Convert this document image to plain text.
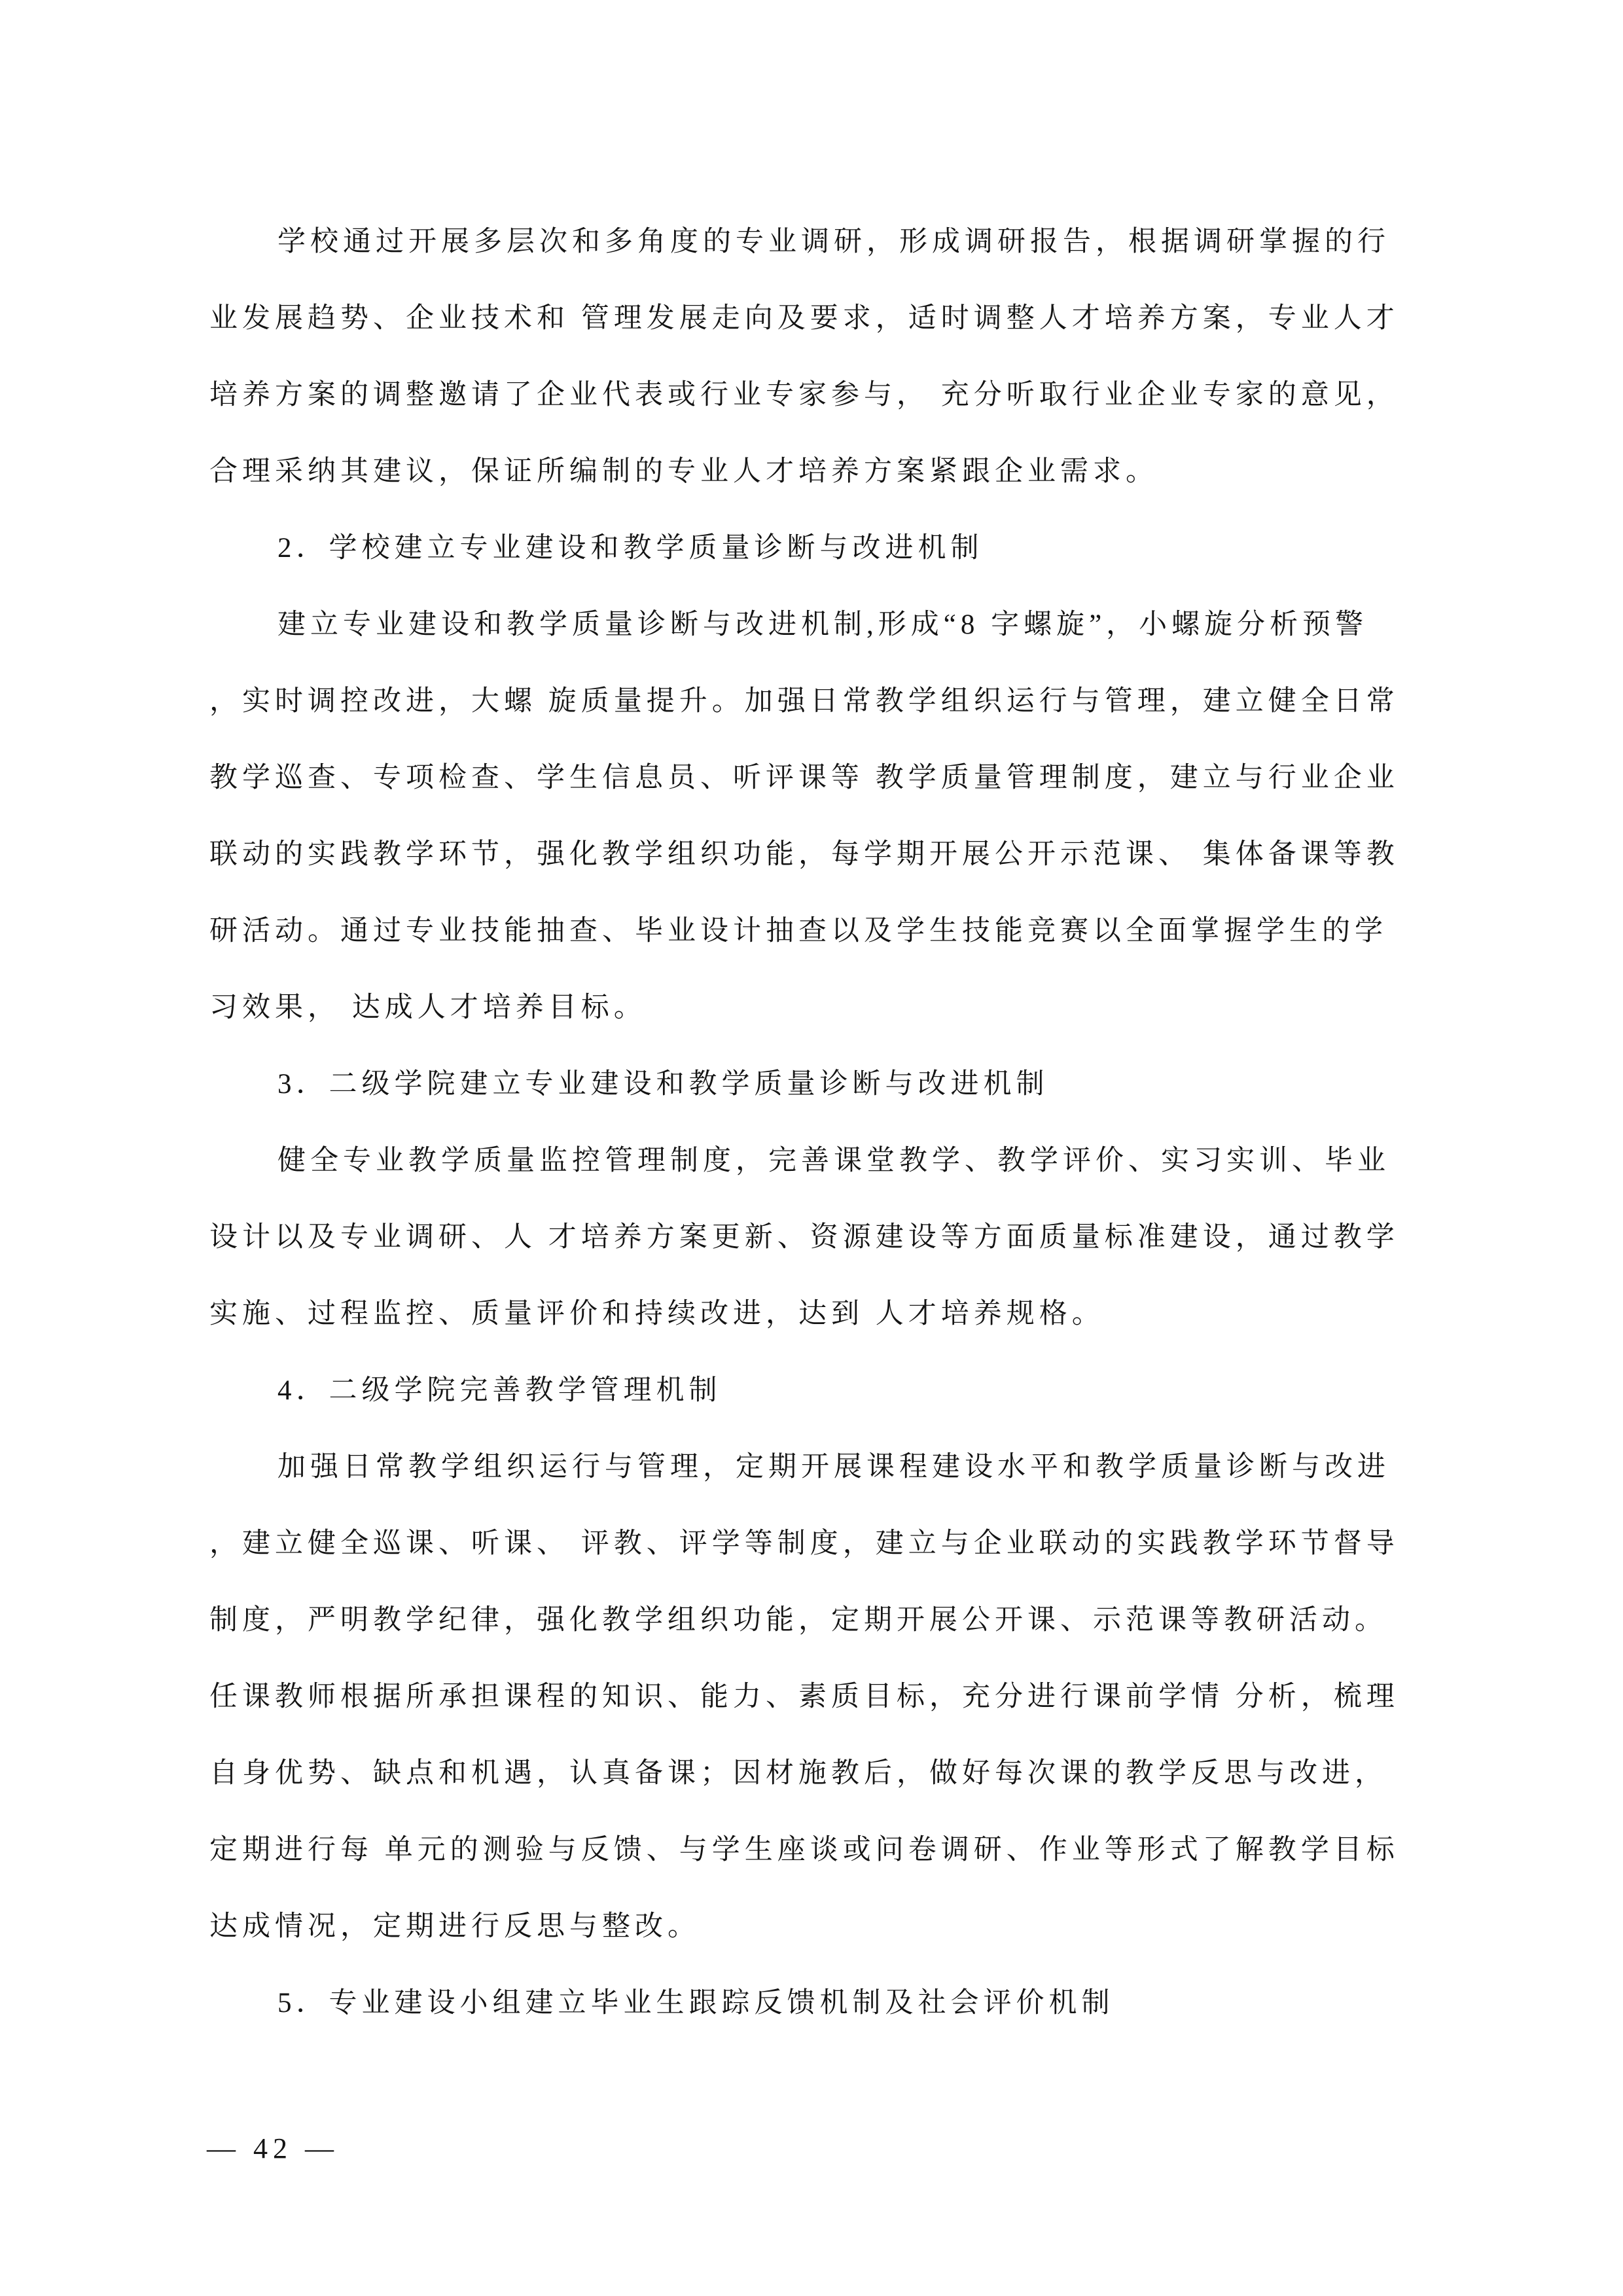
学校通过开展多层次和多角度的专业调研，形成调研报告，根据调研掌握的行
业发展趋势、企业技术和 管理发展走向及要求，适时调整人才培养方案，专业人才
培养方案的调整邀请了企业代表或行业专家参与， 充分听取行业企业专家的意见，
合理采纳其建议，保证所编制的专业人才培养方案紧跟企业需求。
2．学校建立专业建设和教学质量诊断与改进机制
建立专业建设和教学质量诊断与改进机制,形成“8 字螺旋”，小螺旋分析预警
，实时调控改进，大螺 旋质量提升。加强日常教学组织运行与管理，建立健全日常
教学巡查、专项检查、学生信息员、听评课等 教学质量管理制度，建立与行业企业
联动的实践教学环节，强化教学组织功能，每学期开展公开示范课、 集体备课等教
研活动。通过专业技能抽查、毕业设计抽查以及学生技能竞赛以全面掌握学生的学
习效果， 达成人才培养目标。
3．二级学院建立专业建设和教学质量诊断与改进机制
健全专业教学质量监控管理制度，完善课堂教学、教学评价、实习实训、毕业
设计以及专业调研、人 才培养方案更新、资源建设等方面质量标准建设，通过教学
实施、过程监控、质量评价和持续改进，达到 人才培养规格。
4．二级学院完善教学管理机制
加强日常教学组织运行与管理，定期开展课程建设水平和教学质量诊断与改进
，建立健全巡课、听课、 评教、评学等制度，建立与企业联动的实践教学环节督导
制度，严明教学纪律，强化教学组织功能，定期开展公开课、示范课等教研活动。
任课教师根据所承担课程的知识、能力、素质目标，充分进行课前学情 分析，梳理
自身优势、缺点和机遇，认真备课；因材施教后，做好每次课的教学反思与改进，
定期进行每 单元的测验与反馈、与学生座谈或问卷调研、作业等形式了解教学目标
达成情况，定期进行反思与整改。
5．专业建设小组建立毕业生跟踪反馈机制及社会评价机制
— 42 —
